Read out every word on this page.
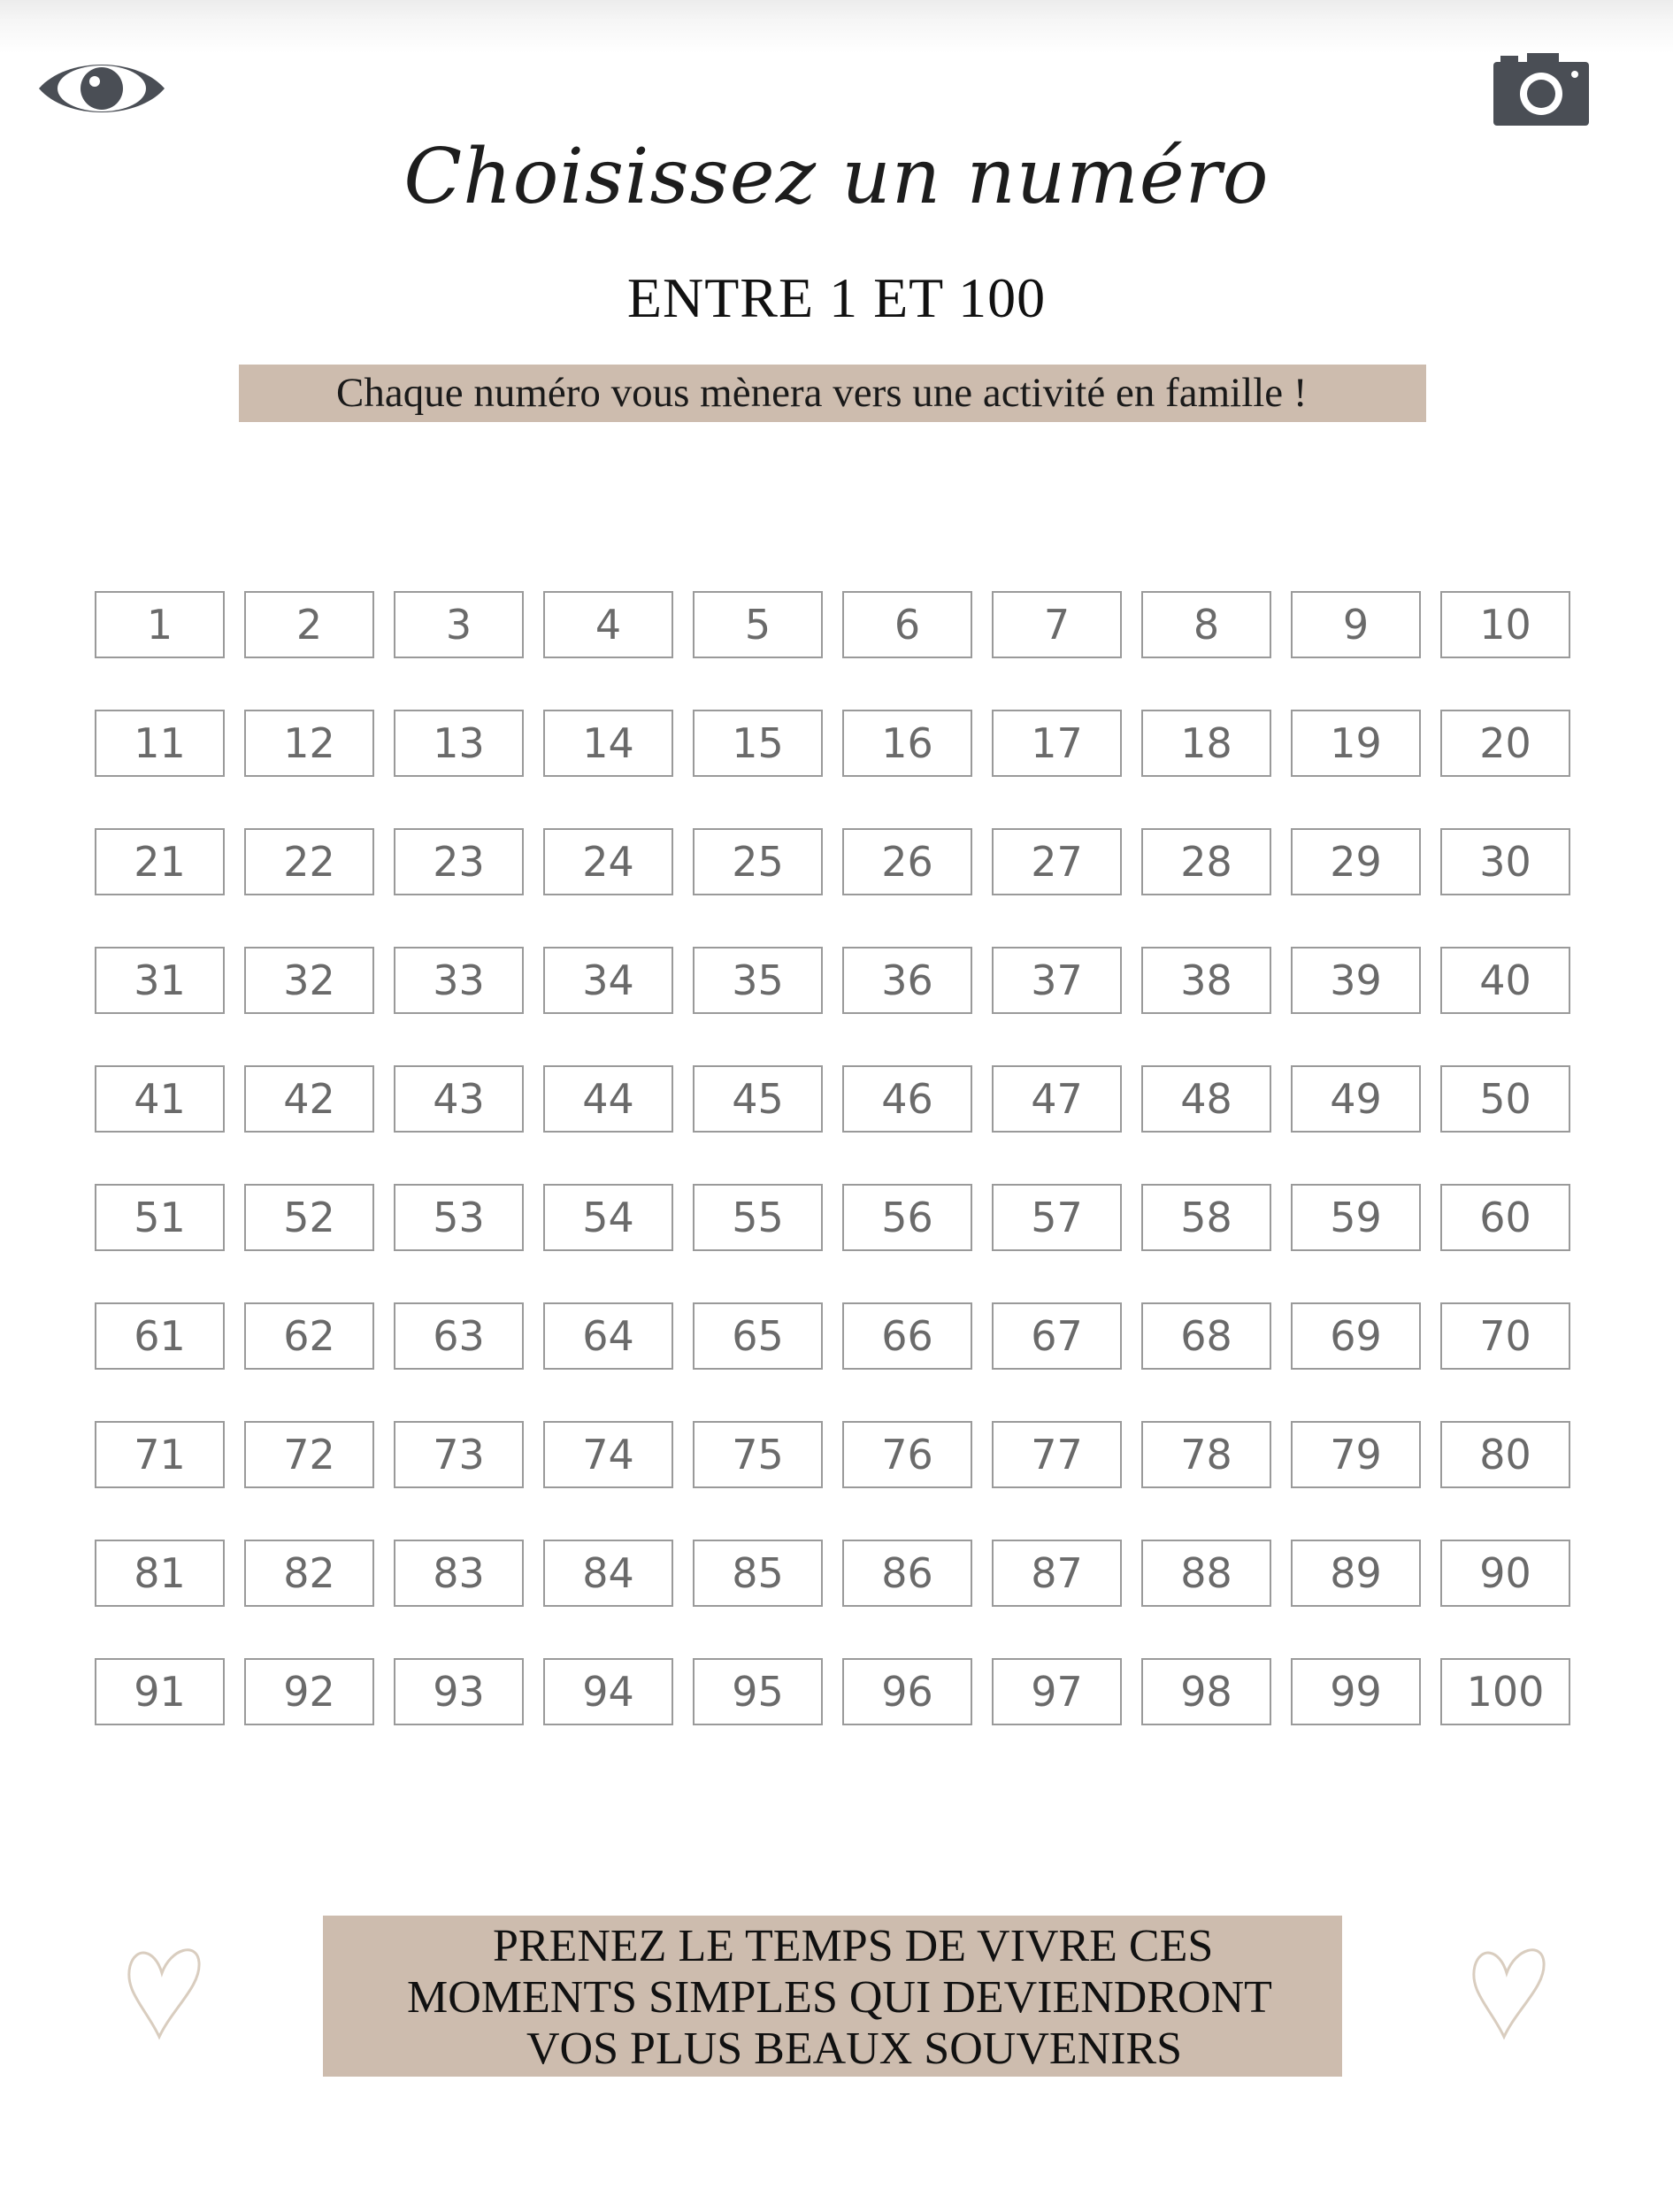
Choisissez un numéro
ENTRE 1 ET 100
Chaque numéro vous mènera vers une activité en famille !
1	2	3	4	5	6	7	8	9	10
11	12	13	14	15	16	17	18	19	20
21	22	23	24	25	26	27	28	29	30
31	32	33	34	35	36	37	38	39	40
41	42	43	44	45	46	47	48	49	50
51	52	53	54	55	56	57	58	59	60
61	62	63	64	65	66	67	68	69	70
71	72	73	74	75	76	77	78	79	80
81	82	83	84	85	86	87	88	89	90
91	92	93	94	95	96	97	98	99	100
PRENEZ LE TEMPS DE VIVRE CES
MOMENTS SIMPLES QUI DEVIENDRONT
VOS PLUS BEAUX SOUVENIRS
